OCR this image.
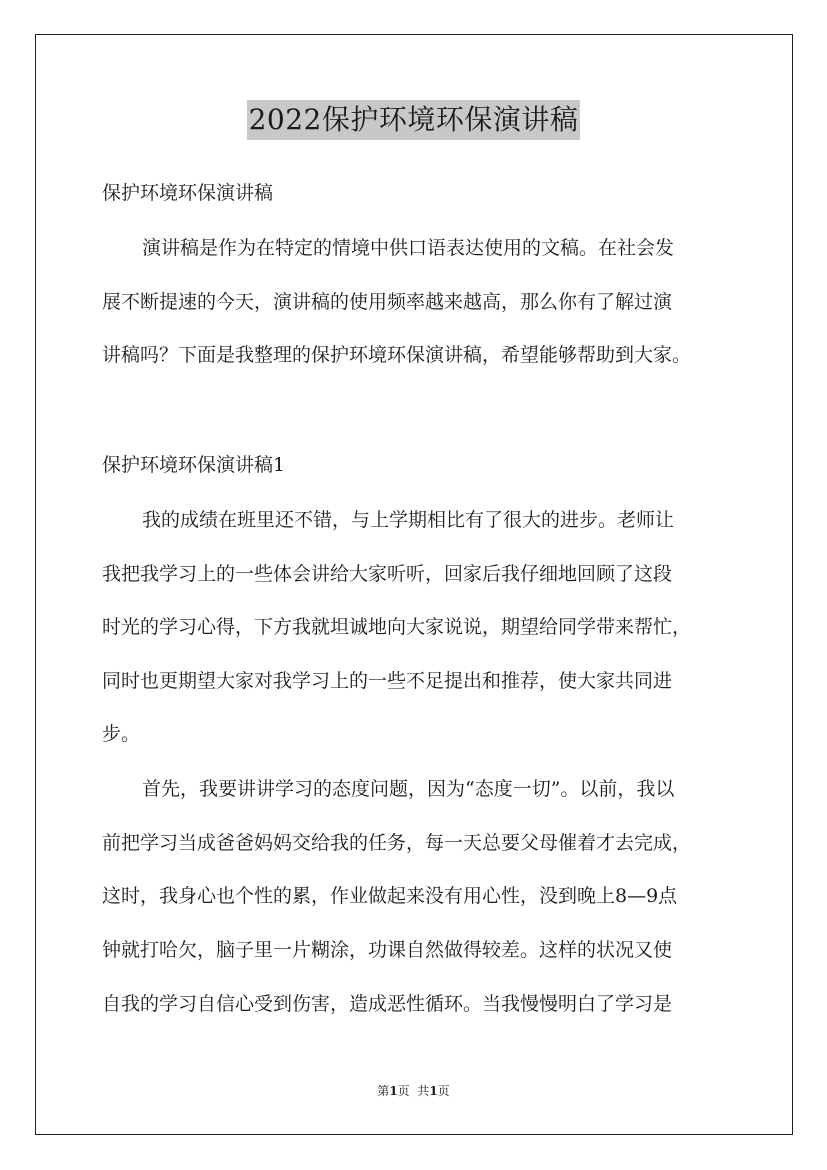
2022保护环境环保演讲稿
保护环境环保演讲稿
演讲稿是作为在特定的情境中供口语表达使用的文稿。在社会发
展不断提速的今天，演讲稿的使用频率越来越高，那么你有了解过演
讲稿吗？下面是我整理的保护环境环保演讲稿，希望能够帮助到大家。
保护环境环保演讲稿1
我的成绩在班里还不错，与上学期相比有了很大的进步。老师让
我把我学习上的一些体会讲给大家听听，回家后我仔细地回顾了这段
时光的学习心得，下方我就坦诚地向大家说说，期望给同学带来帮忙，
同时也更期望大家对我学习上的一些不足提出和推荐，使大家共同进
步。
首先，我要讲讲学习的态度问题，因为“态度一切”。以前，我以
前把学习当成爸爸妈妈交给我的任务，每一天总要父母催着才去完成，
这时，我身心也个性的累，作业做起来没有用心性，没到晚上8—9点
钟就打哈欠，脑子里一片糊涂，功课自然做得较差。这样的状况又使
自我的学习自信心受到伤害，造成恶性循环。当我慢慢明白了学习是
第1页  共1页
